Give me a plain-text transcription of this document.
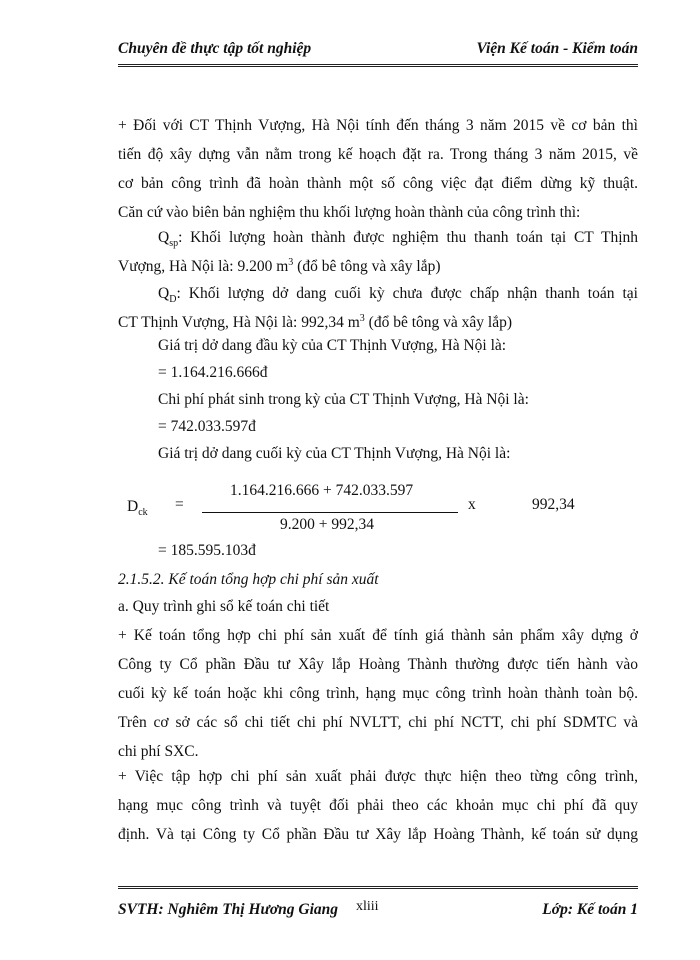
Chuyên đề thực tập tốt nghiệp	Viện Kế toán - Kiểm toán
+ Đối với CT Thịnh Vượng, Hà Nội tính đến tháng 3 năm 2015 về cơ bản thì
tiến độ xây dựng vẫn nằm trong kế hoạch đặt ra. Trong tháng 3 năm 2015, về
cơ bản công trình đã hoàn thành một số công việc đạt điểm dừng kỹ thuật.
Căn cứ vào biên bản nghiệm thu khối lượng hoàn thành của công trình thì:
$Q_{sp}$: Khối lượng hoàn thành được nghiệm thu thanh toán tại CT Thịnh
Vượng, Hà Nội là: 9.200 $m^3$ (đổ bê tông và xây lắp)
$Q_D$: Khối lượng dở dang cuối kỳ chưa được chấp nhận thanh toán tại
CT Thịnh Vượng, Hà Nội là: 992,34 $m^3$ (đổ bê tông và xây lắp)
Giá trị dở dang đầu kỳ của CT Thịnh Vượng, Hà Nội là:
= 1.164.216.666đ
Chi phí phát sinh trong kỳ của CT Thịnh Vượng, Hà Nội là:
= 742.033.597đ
Giá trị dở dang cuối kỳ của CT Thịnh Vượng, Hà Nội là:
$D_{ck}$ =
1.164.216.666 + 742.033.597
9.200 + 992,34
x	992,34
= 185.595.103đ
2.1.5.2. Kế toán tổng hợp chi phí sản xuất
a. Quy trình ghi sổ kế toán chi tiết
+ Kế toán tổng hợp chi phí sản xuất để tính giá thành sản phẩm xây dựng ở
Công ty Cổ phần Đầu tư Xây lắp Hoàng Thành thường được tiến hành vào
cuối kỳ kế toán hoặc khi công trình, hạng mục công trình hoàn thành toàn bộ.
Trên cơ sở các sổ chi tiết chi phí NVLTT, chi phí NCTT, chi phí SDMTC và
chi phí SXC.
+ Việc tập hợp chi phí sản xuất phải được thực hiện theo từng công trình,
hạng mục công trình và tuyệt đối phải theo các khoản mục chi phí đã quy
định. Và tại Công ty Cổ phần Đầu tư Xây lắp Hoàng Thành, kế toán sử dụng
SVTH: Nghiêm Thị Hương Giang xliii	Lớp: Kế toán 1
